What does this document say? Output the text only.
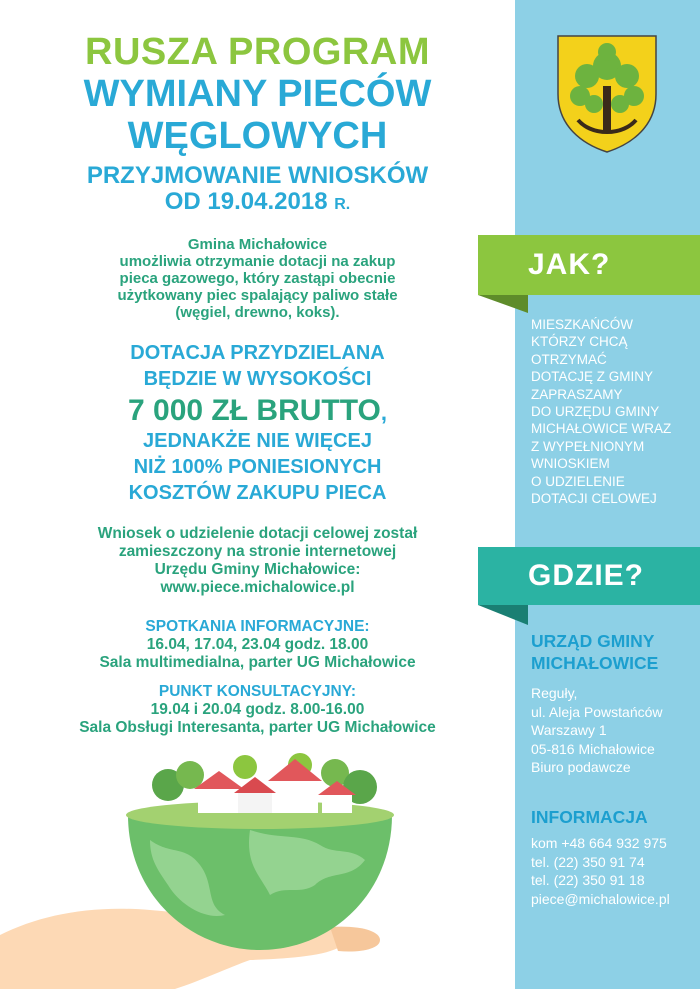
RUSZA PROGRAM

WYMIANY PIECÓW

WĘGLOWYCH

PRZYJMOWANIE WNIOSKÓW

OD 19.04.2018 R.

Gmina Michałowice

umożliwia otrzymanie dotacji na zakup

pieca gazowego, który zastąpi obecnie

użytkowany piec spalający paliwo stałe

(węgiel, drewno, koks).

DOTACJA PRZYDZIELANA

BĘDZIE W WYSOKOŚCI

7 000 ZŁ BRUTTO,

JEDNAKŻE NIE WIĘCEJ

NIŻ 100% PONIESIONYCH

KOSZTÓW ZAKUPU PIECA

Wniosek o udzielenie dotacji celowej został

zamieszczony na stronie internetowej

Urzędu Gminy Michałowice:

www.piece.michalowice.pl

SPOTKANIA INFORMACYJNE:

16.04, 17.04, 23.04 godz. 18.00

Sala multimedialna, parter UG Michałowice

PUNKT KONSULTACYJNY:

19.04 i 20.04 godz. 8.00-16.00

Sala Obsługi Interesanta, parter UG Michałowice

JAK?
MIESZKAŃCÓW
KTÓRZY CHCĄ
OTRZYMAĆ
DOTACJĘ Z GMINY
ZAPRASZAMY
DO URZĘDU GMINY
MICHAŁOWICE WRAZ
Z WYPEŁNIONYM
WNIOSKIEM
O UDZIELENIE
DOTACJI CELOWEJ
GDZIE?
URZĄD GMINY
MICHAŁOWICE
Reguły,
ul. Aleja Powstańców
Warszawy 1
05-816 Michałowice
Biuro podawcze
INFORMACJA
kom +48 664 932 975
tel. (22) 350 91 74
tel. (22) 350 91 18
piece@michalowice.pl
